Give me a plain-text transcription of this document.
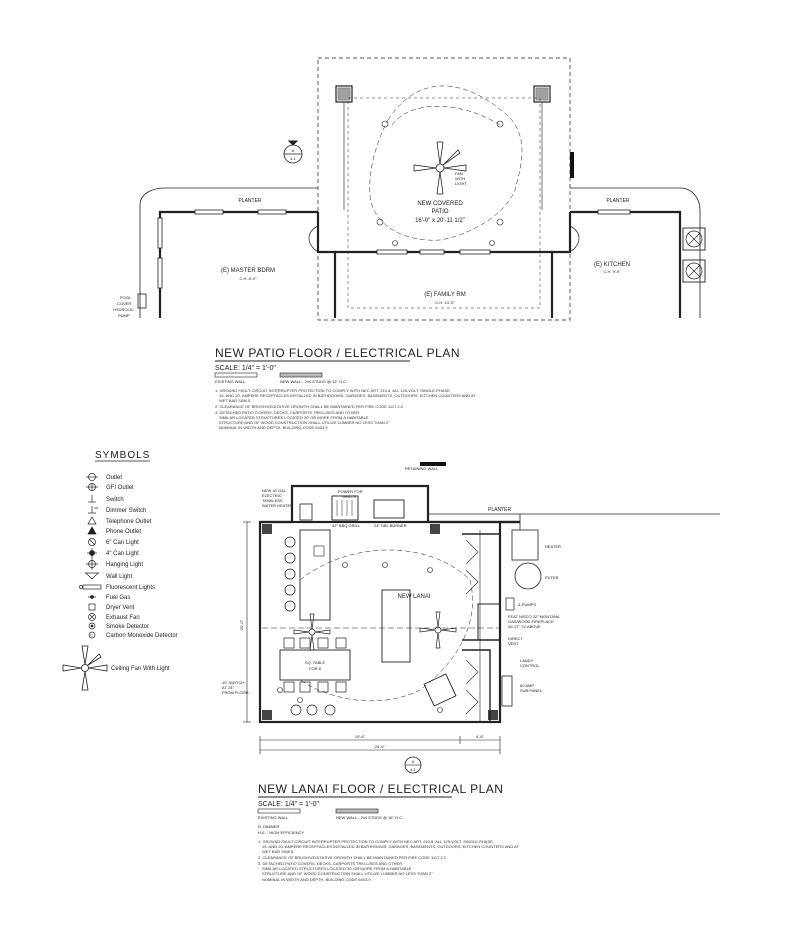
NEW COVERED
PATIO
16'-0" x 20'-11 1/2"
(E) MASTER BDRM
C.H. 8'-0"
(E) FAMILY RM
C.H. 14'-0"
(E) KITCHEN
C.H. 9'-0"
PLANTER	PLANTER
POOL
COVER
HYDROLIC
PUMP
FAN
WITH
LIGHT
A
4.1
NEW PATIO FLOOR / ELECTRICAL PLAN
SCALE: 1/4" = 1'-0"
EXISTING WALL	NEW WALL - 2x4 STUDS @ 12" O.C.
1. GROUND FAULT CIRCUIT INTERRUPTER PROTECTION TO COMPLY WITH NEC ART. 210.8, ALL 125-VOLT, SINGLE-PHASE,
15- AND 20- AMPERE RECEPTACLES INSTALLED IN BATHROOMS, GARAGES, BASEMENTS, OUTDOORS, KITCHEN COUNTERS AND AT
WET BAR SINKS.
2. CLEARANCE OF BRUSH/VEGITATIVE GROWTH SHALL BE MAINTAINED PER FIRE CODE 1117.2.2
3. DETACHED PATIO COVERS, DECKS, CARPORTS TRELLISES AND OTHER
SIMILAR LOCATED STRUCTURES LOCATED 30' OR MORE FROM A HABITABLE
STRUCTURE AND OF WOOD CONSTRUCTION SHALL UTILIZE LUMBER NO LESS THAN 2"
NOMINAL IN WIDTH AND DEPTH, BUILDING CODE 6403.9
SYMBOLS
C
Outlet
GFI Outlet
Switch
Dimmer Switch
Telephone Outlet
Phone Outlet
6" Can Light
4" Can Light
Hanging Light
Wall Light
Fluorescent Lights
Fuel Gas
Dryer Vent
Exhaust Fan
Smoke Detector
Carbon Monoxide Detector
Ceiling Fan With Light
RETAINING WALL
PLANTER
HEATER
FILTER
& PUMPS
NEW 40 GAL
ELECTRIC
TANKLESS
WATER HEATER
42" BBQ GRILL	24" DBL BURNER
POWER FOR
GRILLS
NEW LANAI
FEAT NISCO 32" MONTANA
GAS/WOOD FIREPLACE
W/ 27" TV ABOVE
DIRECT
VENT
SQ. TABLE
FOR 8
LANDY
CONTROL
60 AMP
SUB PANEL
10' SWITCH
AT 24"
FROM FLOOR
20'-0"
19'-6"	4'-6"
24'-6"
A
4.1
NEW LANAI FLOOR / ELECTRICAL PLAN
SCALE: 1/4" = 1'-0"
EXISTING WALL	NEW WALL - 2x4 STUDS @ 16" O.C.
D: DIMMER
H.E. - HIGH EFFICIENCY
1. GROUND FAULT CIRCUIT INTERRUPTER PROTECTION TO COMPLY WITH NEC ART. 210.8, ALL 125-VOLT, SINGLE-PHASE,
15- AND 20- AMPERE RECEPTACLES INSTALLED IN BATHROOMS, GARAGES, BASEMENTS, OUTDOORS, KITCHEN COUNTERS AND AT
WET BAR SINKS.
2. CLEARANCE OF BRUSH/VEGITATIVE GROWTH SHALL BE MAINTAINED PER FIRE CODE 1117.2.2
3. DETACHED PATIO COVERS, DECKS, CARPORTS TRELLISES AND OTHER
SIMILAR LOCATED STRUCTURES LOCATED 30' OR MORE FROM A HABITABLE
STRUCTURE AND OF WOOD CONSTRUCTION SHALL UTILIZE LUMBER NO LESS THAN 2"
NOMINAL IN WIDTH AND DEPTH, BUILDING CODE 6403.9
